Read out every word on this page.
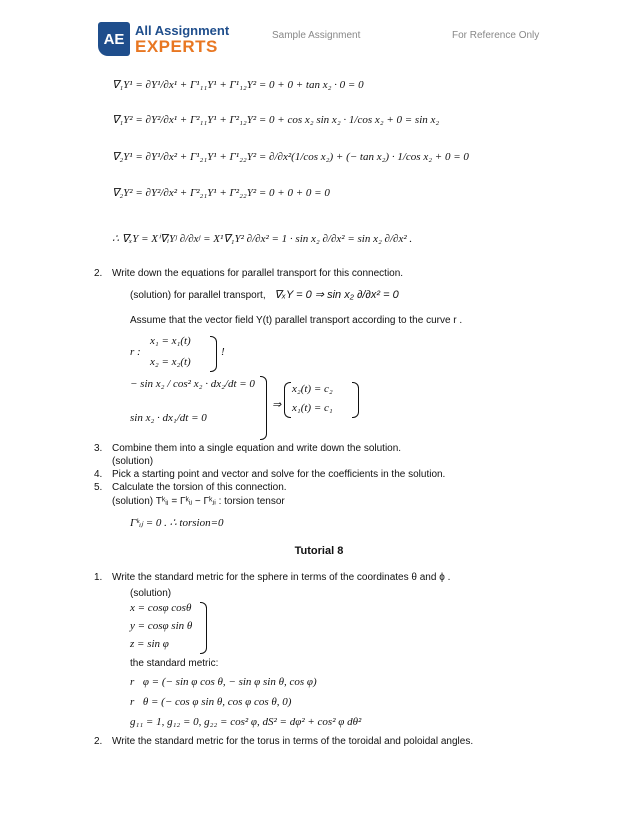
AE
All Assignment
EXPERTS
Sample Assignment	For Reference Only
∇₁Y¹ = ∂Y¹/∂x¹ + Γ¹₁₁Y¹ + Γ¹₁₂Y² = 0 + 0 + tan x₂ · 0 = 0
∇₁Y² = ∂Y²/∂x¹ + Γ²₁₁Y¹ + Γ²₁₂Y² = 0 + cos x₂ sin x₂ · 1/cos x₂ + 0 = sin x₂
∇₂Y¹ = ∂Y¹/∂x² + Γ¹₂₁Y¹ + Γ¹₂₂Y² = ∂/∂x²(1/cos x₂) + (− tan x₂) · 1/cos x₂ + 0 = 0
∇₂Y² = ∂Y²/∂x² + Γ²₂₁Y¹ + Γ²₂₂Y² = 0 + 0 + 0 = 0
∴ ∇ₓY = Xⁱ∇ᵢYʲ ∂/∂xʲ = X¹∇₁Y² ∂/∂x² = 1 · sin x₂ ∂/∂x² = sin x₂ ∂/∂x² .
2. Write down the equations for parallel transport for this connection.
(solution) for parallel transport, ∇ₓY = 0 ⇒ sin x₂ ∂/∂x² = 0
Assume that the vector field Y(t) parallel transport according to the curve r .
r :
x₁ = x₁(t)
x₂ = x₂(t)
!
− sin x₂ / cos² x₂ · dx₂/dt = 0
sin x₂ · dx₁/dt = 0
⇒
x₂(t) = c₂
x₁(t) = c₁
3. Combine them into a single equation and write down the solution.
(solution)
4. Pick a starting point and vector and solve for the coefficients in the solution.
5. Calculate the torsion of this connection.
(solution) Tᵏᵢⱼ = Γᵏᵢⱼ − Γᵏⱼᵢ : torsion tensor
Γᵏᵢⱼ = 0 . ∴ torsion=0
Tutorial 8
1. Write the standard metric for the sphere in terms of the coordinates θ and ϕ .
(solution)
x = cosφ cosθ
y = cosφ sin θ
z = sin φ
the standard metric:
r⃗φ = (− sin φ cos θ, − sin φ sin θ, cos φ)
r⃗θ = (− cos φ sin θ, cos φ cos θ, 0)
g₁₁ = 1, g₁₂ = 0, g₂₂ = cos² φ, dS² = dφ² + cos² φ dθ²
2. Write the standard metric for the torus in terms of the toroidal and poloidal angles.
